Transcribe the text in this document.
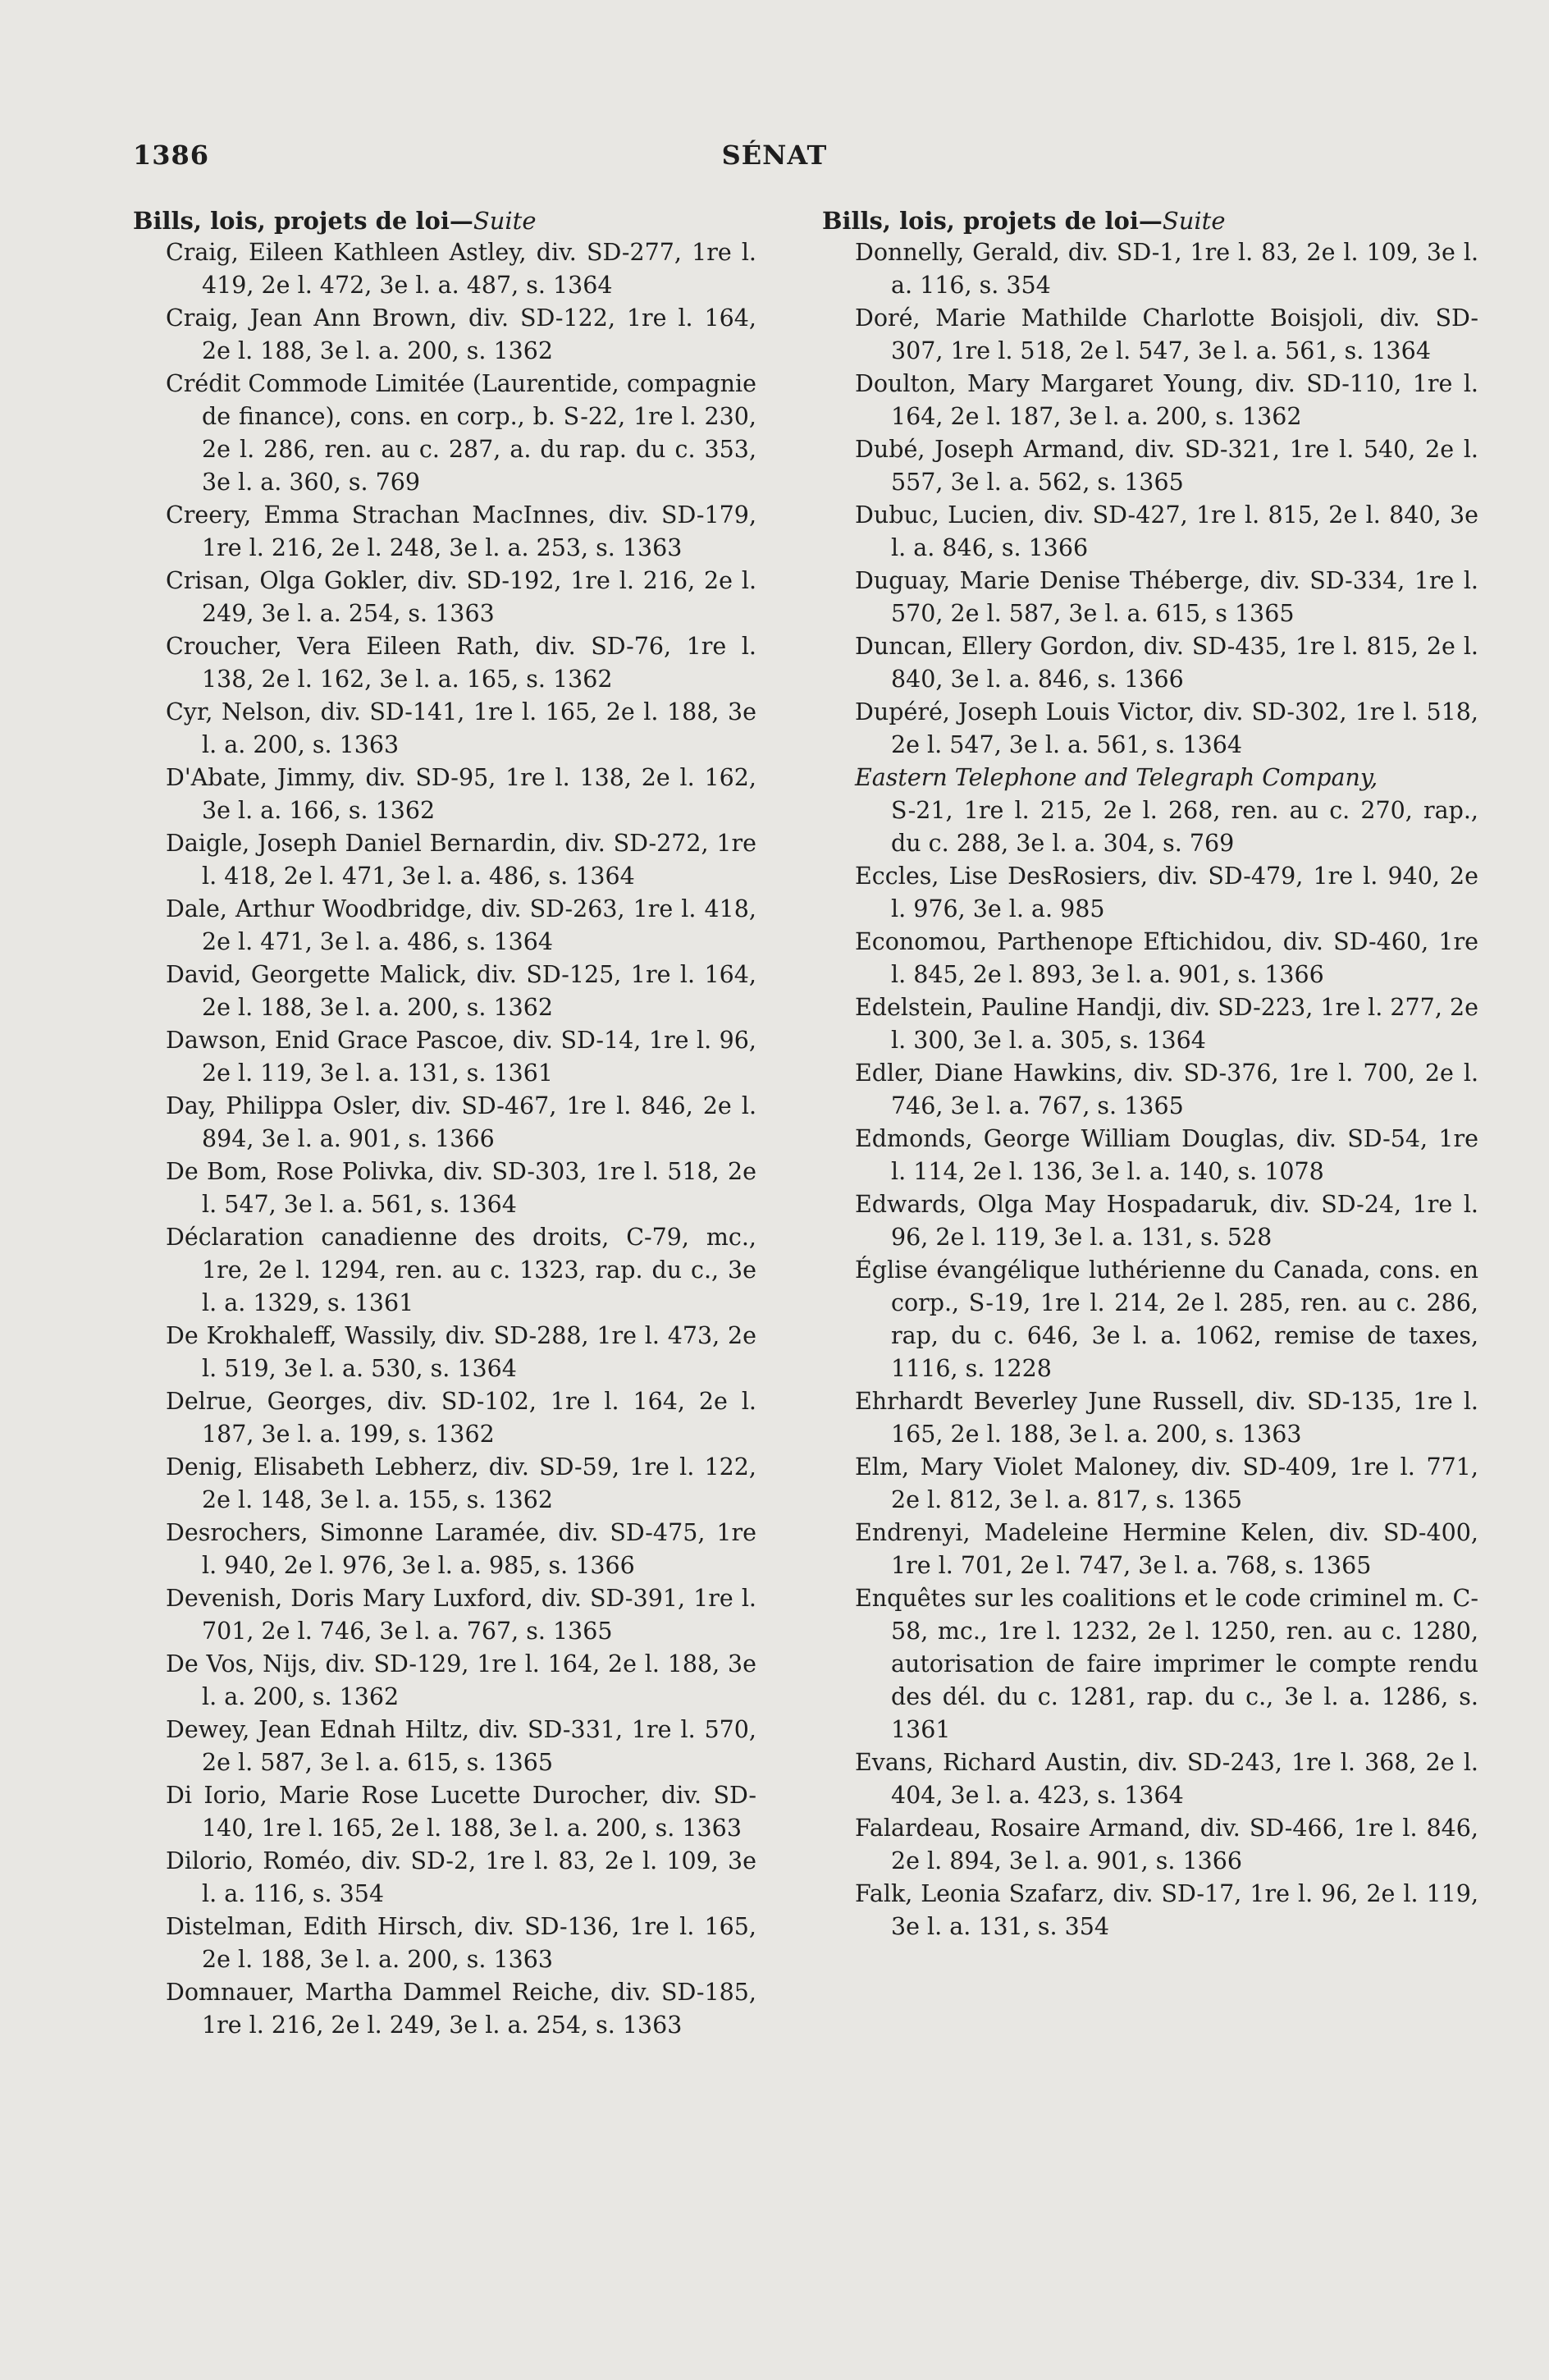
1386	SÉNAT

Bills, lois, projets de loi—Suite

Craig, Eileen Kathleen Astley, div. SD-277, 1re l. 419, 2e l. 472, 3e l. a. 487, s. 1364

Craig, Jean Ann Brown, div. SD-122, 1re l. 164, 2e l. 188, 3e l. a. 200, s. 1362

Crédit Commode Limitée (Laurentide, compagnie de finance), cons. en corp., b. S-22, 1re l. 230, 2e l. 286, ren. au c. 287, a. du rap. du c. 353, 3e l. a. 360, s. 769

Creery, Emma Strachan MacInnes, div. SD-179, 1re l. 216, 2e l. 248, 3e l. a. 253, s. 1363

Crisan, Olga Gokler, div. SD-192, 1re l. 216, 2e l. 249, 3e l. a. 254, s. 1363

Croucher, Vera Eileen Rath, div. SD-76, 1re l. 138, 2e l. 162, 3e l. a. 165, s. 1362

Cyr, Nelson, div. SD-141, 1re l. 165, 2e l. 188, 3e l. a. 200, s. 1363

D'Abate, Jimmy, div. SD-95, 1re l. 138, 2e l. 162, 3e l. a. 166, s. 1362

Daigle, Joseph Daniel Bernardin, div. SD-272, 1re l. 418, 2e l. 471, 3e l. a. 486, s. 1364

Dale, Arthur Woodbridge, div. SD-263, 1re l. 418, 2e l. 471, 3e l. a. 486, s. 1364

David, Georgette Malick, div. SD-125, 1re l. 164, 2e l. 188, 3e l. a. 200, s. 1362

Dawson, Enid Grace Pascoe, div. SD-14, 1re l. 96, 2e l. 119, 3e l. a. 131, s. 1361

Day, Philippa Osler, div. SD-467, 1re l. 846, 2e l. 894, 3e l. a. 901, s. 1366

De Bom, Rose Polivka, div. SD-303, 1re l. 518, 2e l. 547, 3e l. a. 561, s. 1364

Déclaration canadienne des droits, C-79, mc., 1re, 2e l. 1294, ren. au c. 1323, rap. du c., 3e l. a. 1329, s. 1361

De Krokhaleff, Wassily, div. SD-288, 1re l. 473, 2e l. 519, 3e l. a. 530, s. 1364

Delrue, Georges, div. SD-102, 1re l. 164, 2e l. 187, 3e l. a. 199, s. 1362

Denig, Elisabeth Lebherz, div. SD-59, 1re l. 122, 2e l. 148, 3e l. a. 155, s. 1362

Desrochers, Simonne Laramée, div. SD-475, 1re l. 940, 2e l. 976, 3e l. a. 985, s. 1366

Devenish, Doris Mary Luxford, div. SD-391, 1re l. 701, 2e l. 746, 3e l. a. 767, s. 1365

De Vos, Nijs, div. SD-129, 1re l. 164, 2e l. 188, 3e l. a. 200, s. 1362

Dewey, Jean Ednah Hiltz, div. SD-331, 1re l. 570, 2e l. 587, 3e l. a. 615, s. 1365

Di Iorio, Marie Rose Lucette Durocher, div. SD-140, 1re l. 165, 2e l. 188, 3e l. a. 200, s. 1363

Dilorio, Roméo, div. SD-2, 1re l. 83, 2e l. 109, 3e l. a. 116, s. 354

Distelman, Edith Hirsch, div. SD-136, 1re l. 165, 2e l. 188, 3e l. a. 200, s. 1363

Domnauer, Martha Dammel Reiche, div. SD-185, 1re l. 216, 2e l. 249, 3e l. a. 254, s. 1363

Bills, lois, projets de loi—Suite

Donnelly, Gerald, div. SD-1, 1re l. 83, 2e l. 109, 3e l. a. 116, s. 354

Doré, Marie Mathilde Charlotte Boisjoli, div. SD-307, 1re l. 518, 2e l. 547, 3e l. a. 561, s. 1364

Doulton, Mary Margaret Young, div. SD-110, 1re l. 164, 2e l. 187, 3e l. a. 200, s. 1362

Dubé, Joseph Armand, div. SD-321, 1re l. 540, 2e l. 557, 3e l. a. 562, s. 1365

Dubuc, Lucien, div. SD-427, 1re l. 815, 2e l. 840, 3e l. a. 846, s. 1366

Duguay, Marie Denise Théberge, div. SD-334, 1re l. 570, 2e l. 587, 3e l. a. 615, s 1365

Duncan, Ellery Gordon, div. SD-435, 1re l. 815, 2e l. 840, 3e l. a. 846, s. 1366

Dupéré, Joseph Louis Victor, div. SD-302, 1re l. 518, 2e l. 547, 3e l. a. 561, s. 1364

Eastern Telephone and Telegraph Company,

S-21, 1re l. 215, 2e l. 268, ren. au c. 270, rap., du c. 288, 3e l. a. 304, s. 769

Eccles, Lise DesRosiers, div. SD-479, 1re l. 940, 2e l. 976, 3e l. a. 985

Economou, Parthenope Eftichidou, div. SD-460, 1re l. 845, 2e l. 893, 3e l. a. 901, s. 1366

Edelstein, Pauline Handji, div. SD-223, 1re l. 277, 2e l. 300, 3e l. a. 305, s. 1364

Edler, Diane Hawkins, div. SD-376, 1re l. 700, 2e l. 746, 3e l. a. 767, s. 1365

Edmonds, George William Douglas, div. SD-54, 1re l. 114, 2e l. 136, 3e l. a. 140, s. 1078

Edwards, Olga May Hospadaruk, div. SD-24, 1re l. 96, 2e l. 119, 3e l. a. 131, s. 528

Église évangélique luthérienne du Canada, cons. en corp., S-19, 1re l. 214, 2e l. 285, ren. au c. 286, rap, du c. 646, 3e l. a. 1062, remise de taxes, 1116, s. 1228

Ehrhardt Beverley June Russell, div. SD-135, 1re l. 165, 2e l. 188, 3e l. a. 200, s. 1363

Elm, Mary Violet Maloney, div. SD-409, 1re l. 771, 2e l. 812, 3e l. a. 817, s. 1365

Endrenyi, Madeleine Hermine Kelen, div. SD-400, 1re l. 701, 2e l. 747, 3e l. a. 768, s. 1365

Enquêtes sur les coalitions et le code criminel m. C-58, mc., 1re l. 1232, 2e l. 1250, ren. au c. 1280, autorisation de faire imprimer le compte rendu des dél. du c. 1281, rap. du c., 3e l. a. 1286, s. 1361

Evans, Richard Austin, div. SD-243, 1re l. 368, 2e l. 404, 3e l. a. 423, s. 1364

Falardeau, Rosaire Armand, div. SD-466, 1re l. 846, 2e l. 894, 3e l. a. 901, s. 1366

Falk, Leonia Szafarz, div. SD-17, 1re l. 96, 2e l. 119, 3e l. a. 131, s. 354
